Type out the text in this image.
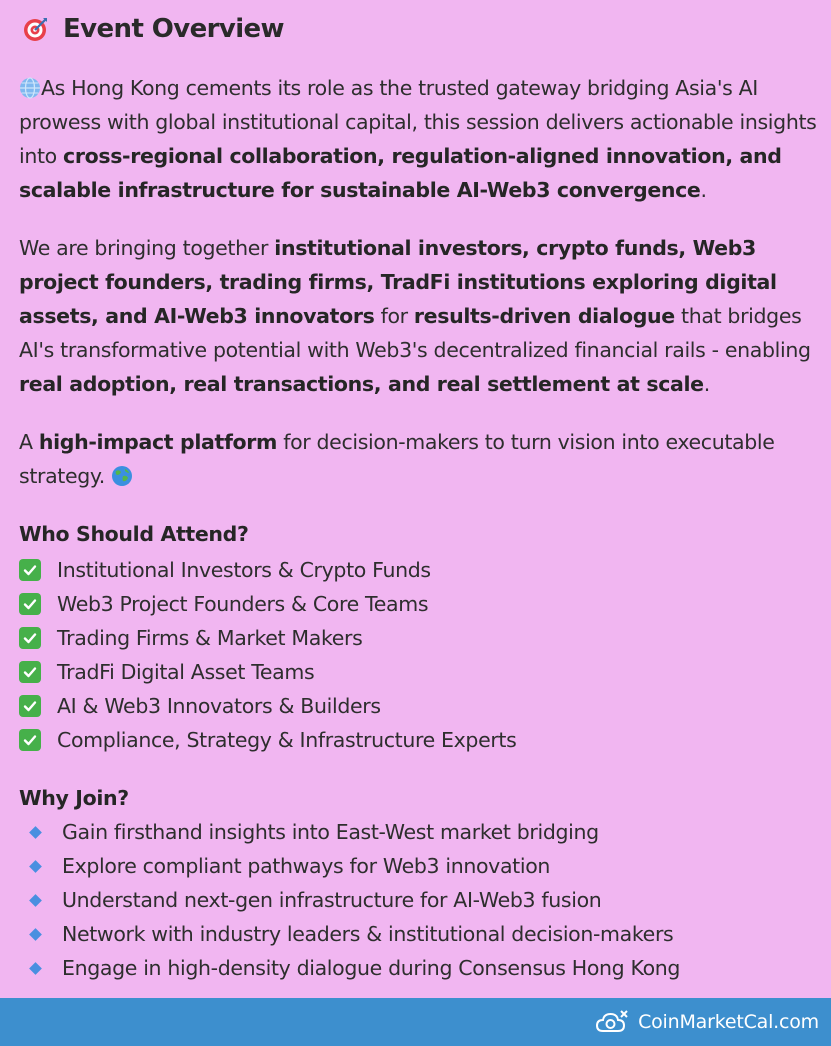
Event Overview
As Hong Kong cements its role as the trusted gateway bridging Asia's AI prowess with global institutional capital, this session delivers actionable insights into cross-regional collaboration, regulation-aligned innovation, and scalable infrastructure for sustainable AI-Web3 convergence.
We are bringing together institutional investors, crypto funds, Web3 project founders, trading firms, TradFi institutions exploring digital assets, and AI-Web3 innovators for results-driven dialogue that bridges AI's transformative potential with Web3's decentralized financial rails - enabling real adoption, real transactions, and real settlement at scale.
A high-impact platform for decision-makers to turn vision into executable strategy.
Who Should Attend?
Institutional Investors & Crypto Funds
Web3 Project Founders & Core Teams
Trading Firms & Market Makers
TradFi Digital Asset Teams
AI & Web3 Innovators & Builders
Compliance, Strategy & Infrastructure Experts
Why Join?
Gain firsthand insights into East-West market bridging
Explore compliant pathways for Web3 innovation
Understand next-gen infrastructure for AI-Web3 fusion
Network with industry leaders & institutional decision-makers
Engage in high-density dialogue during Consensus Hong Kong
CoinMarketCal.com
